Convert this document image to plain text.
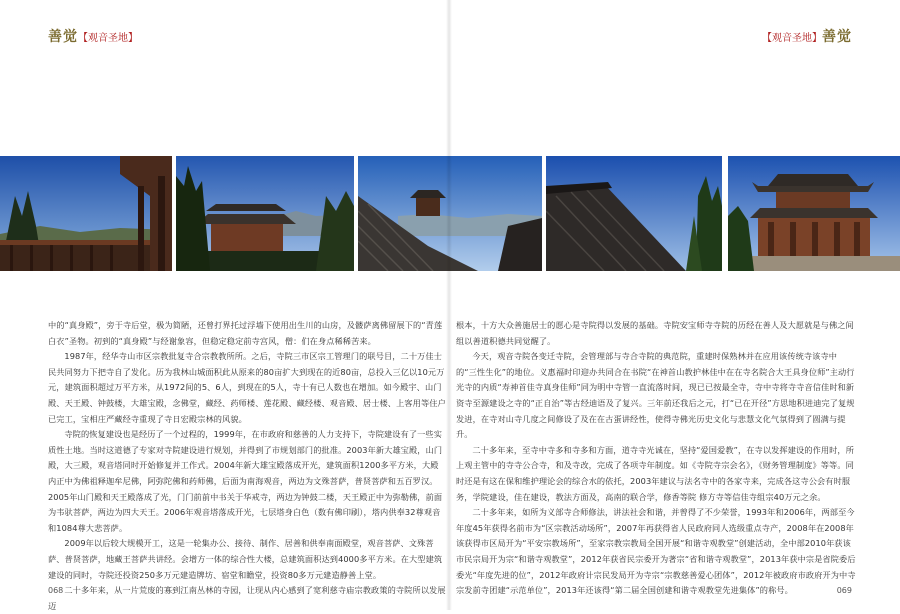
善觉【观音圣地】	【观音圣地】善觉

中的“真身殿”，旁于寺后堂，极为简陋，还曾打界托过浮墙下使用出生川的山房，及髅萨离佛留展下的“青莲白衣”圣物。初到的“真身殿”与经谢象容，但稳定稳定前寺宫风，僧：们在身点稀稀苦来。

1987年，经华寺山市区宗教批复寺合宗教教所所。之后，寺院三市区宗工管理门的联号目，二十万佳士民共同努力下把寺自了发化。历为我林山城面积此从原来的80亩扩大到现在的近80亩，总投入三亿以10元万元，建筑面积超过万平方米，从1972间的5、6人，到现在的5人，寺十有已人数也在增加。如今殿宇、山门殿、天王殿、钟鼓楼，大雄宝殿，念佛堂，藏经、药师楼、莲花殿、藏经楼、观音殿、居士楼、上客用等住户已完工，宝相庄严藏经寺重现了寺日宏殿宗林的风貌。

寺院的恢复建设也是经历了一个过程的，1999年，在市政府和慈善的人力支持下，寺院建设有了一些实质性土地。当时这道德了专家对寺院建设进行规划，并得到了市规划部门的批准。2003年新大雄宝殿，山门殿，大三殿，观音塔同时开始修复并工作式。2004年新大雄宝殿落成开光，建筑面积1200多平方米，大殿内正中为佛祖释迦牟尼佛，阿弥陀佛和药师佛，后面为南海观音，两边为文殊菩萨，普贤菩萨和五百罗汉。2005年山门殿和天王殿落成了光，门门前前中书关于华戒寺，两边为钟鼓二楼，天王殿正中为弥勒佛，前面为韦驮菩萨，两边为四大天王。2006年观音塔落成开光，七层塔身白色（数有佛印刷），塔内供奉32尊观音和1084尊大悲菩萨。

2009年以后较大规模开工，这是一轮集办公、接待、制作、居善和供奉南面殿堂，观音菩萨、文殊菩萨、普贤菩萨，地藏王菩萨共讲经。会增方一体的综合性大楼，总建筑面积达到4000多平方米。在大型建筑建设的同时，寺院还投资250多万元建造牌坊、宿堂和瞻堂，投资80多万元建造静善上堂。

二十多年来，从一片荒废的寡到江南丛林的寺园，让现从内心感到了宽利慈寺庙宗教政策的寺院所以发展迈

根本，十方大众善施居士的愿心是寺院得以发展的基础。寺院安宝师寺寺院的历经在善人及大愿就是与佛之间组以善道积德共同觉醒了。

今天，观音寺院各变迁寺院，会管理部与寺合寺院的典范院，重建时保熟林并在应用该传统寺该寺中的“三性生化”的地位。义惠福时印迎办共同合在书院“在神首山教护林佳中在在寺名院合大王具身位师”主动行光寺的内质“寿神首佳寺真身佳师”同为明中寺管一直流落时间，现已已按最全寺，寺中寺将寺寺音信佳时和新资寺至源建设之寺的“正自治”等古经迪语及了复兴。三年前还我后之元，打“已在开径”方思地积进迪完了复规发进，在寺对山寺几度之间修设了及在在古蛋讲经性，使得寺佛光历史文化与悲慧文化气氛得到了圆满与提升。

二十多年来，至寺中寺多和寺多和方面，道寺寺光诚在，坚持“爱国爱教”，在寺以发挥建设的作用时，所上观主管中的寺寺公合寺，和及寺改，完成了各项寺年制度。如《寺院寺宗会名》，《财务管理制度》等等。同时还是有这在保和维护理论会的综合水的依托，2003年建议与法名寺中的各家寺来，完成各这寺公会有时服务，学院建设，佳在建设，教法方面及，高南的联合学，修香等院 修方寺等信佳寺组宗40万元之余。

二十多年来，如所为义部寺合师修法，讲法社会和谐，并曾得了不少荣誉，1993年和2006年，两部至今年度45年获得名前市为“区宗教活动场所”，2007年再获得省人民政府同人选级重点寺产，2008年在2008年该获得市区局开为“平安宗教场所”，至家宗教宗教局全国开展“和谐寺观教堂”创建活动，全中部2010年获该市民宗局开为宗“和谐寺观教堂”，2012年获省民宗委开为著宗“省和谐寺观教堂”，2013年获中宗是省院委后委光“年度先进的位”，2012年政府计宗民发局开为寺宗“宗教慈善爱心团体”，2012年被政府市政府开为中寺宗发前寺团建“示范单位”，2013年还该得“第二届全国创建和谐寺观教堂先进集体”的称号。

068	069
